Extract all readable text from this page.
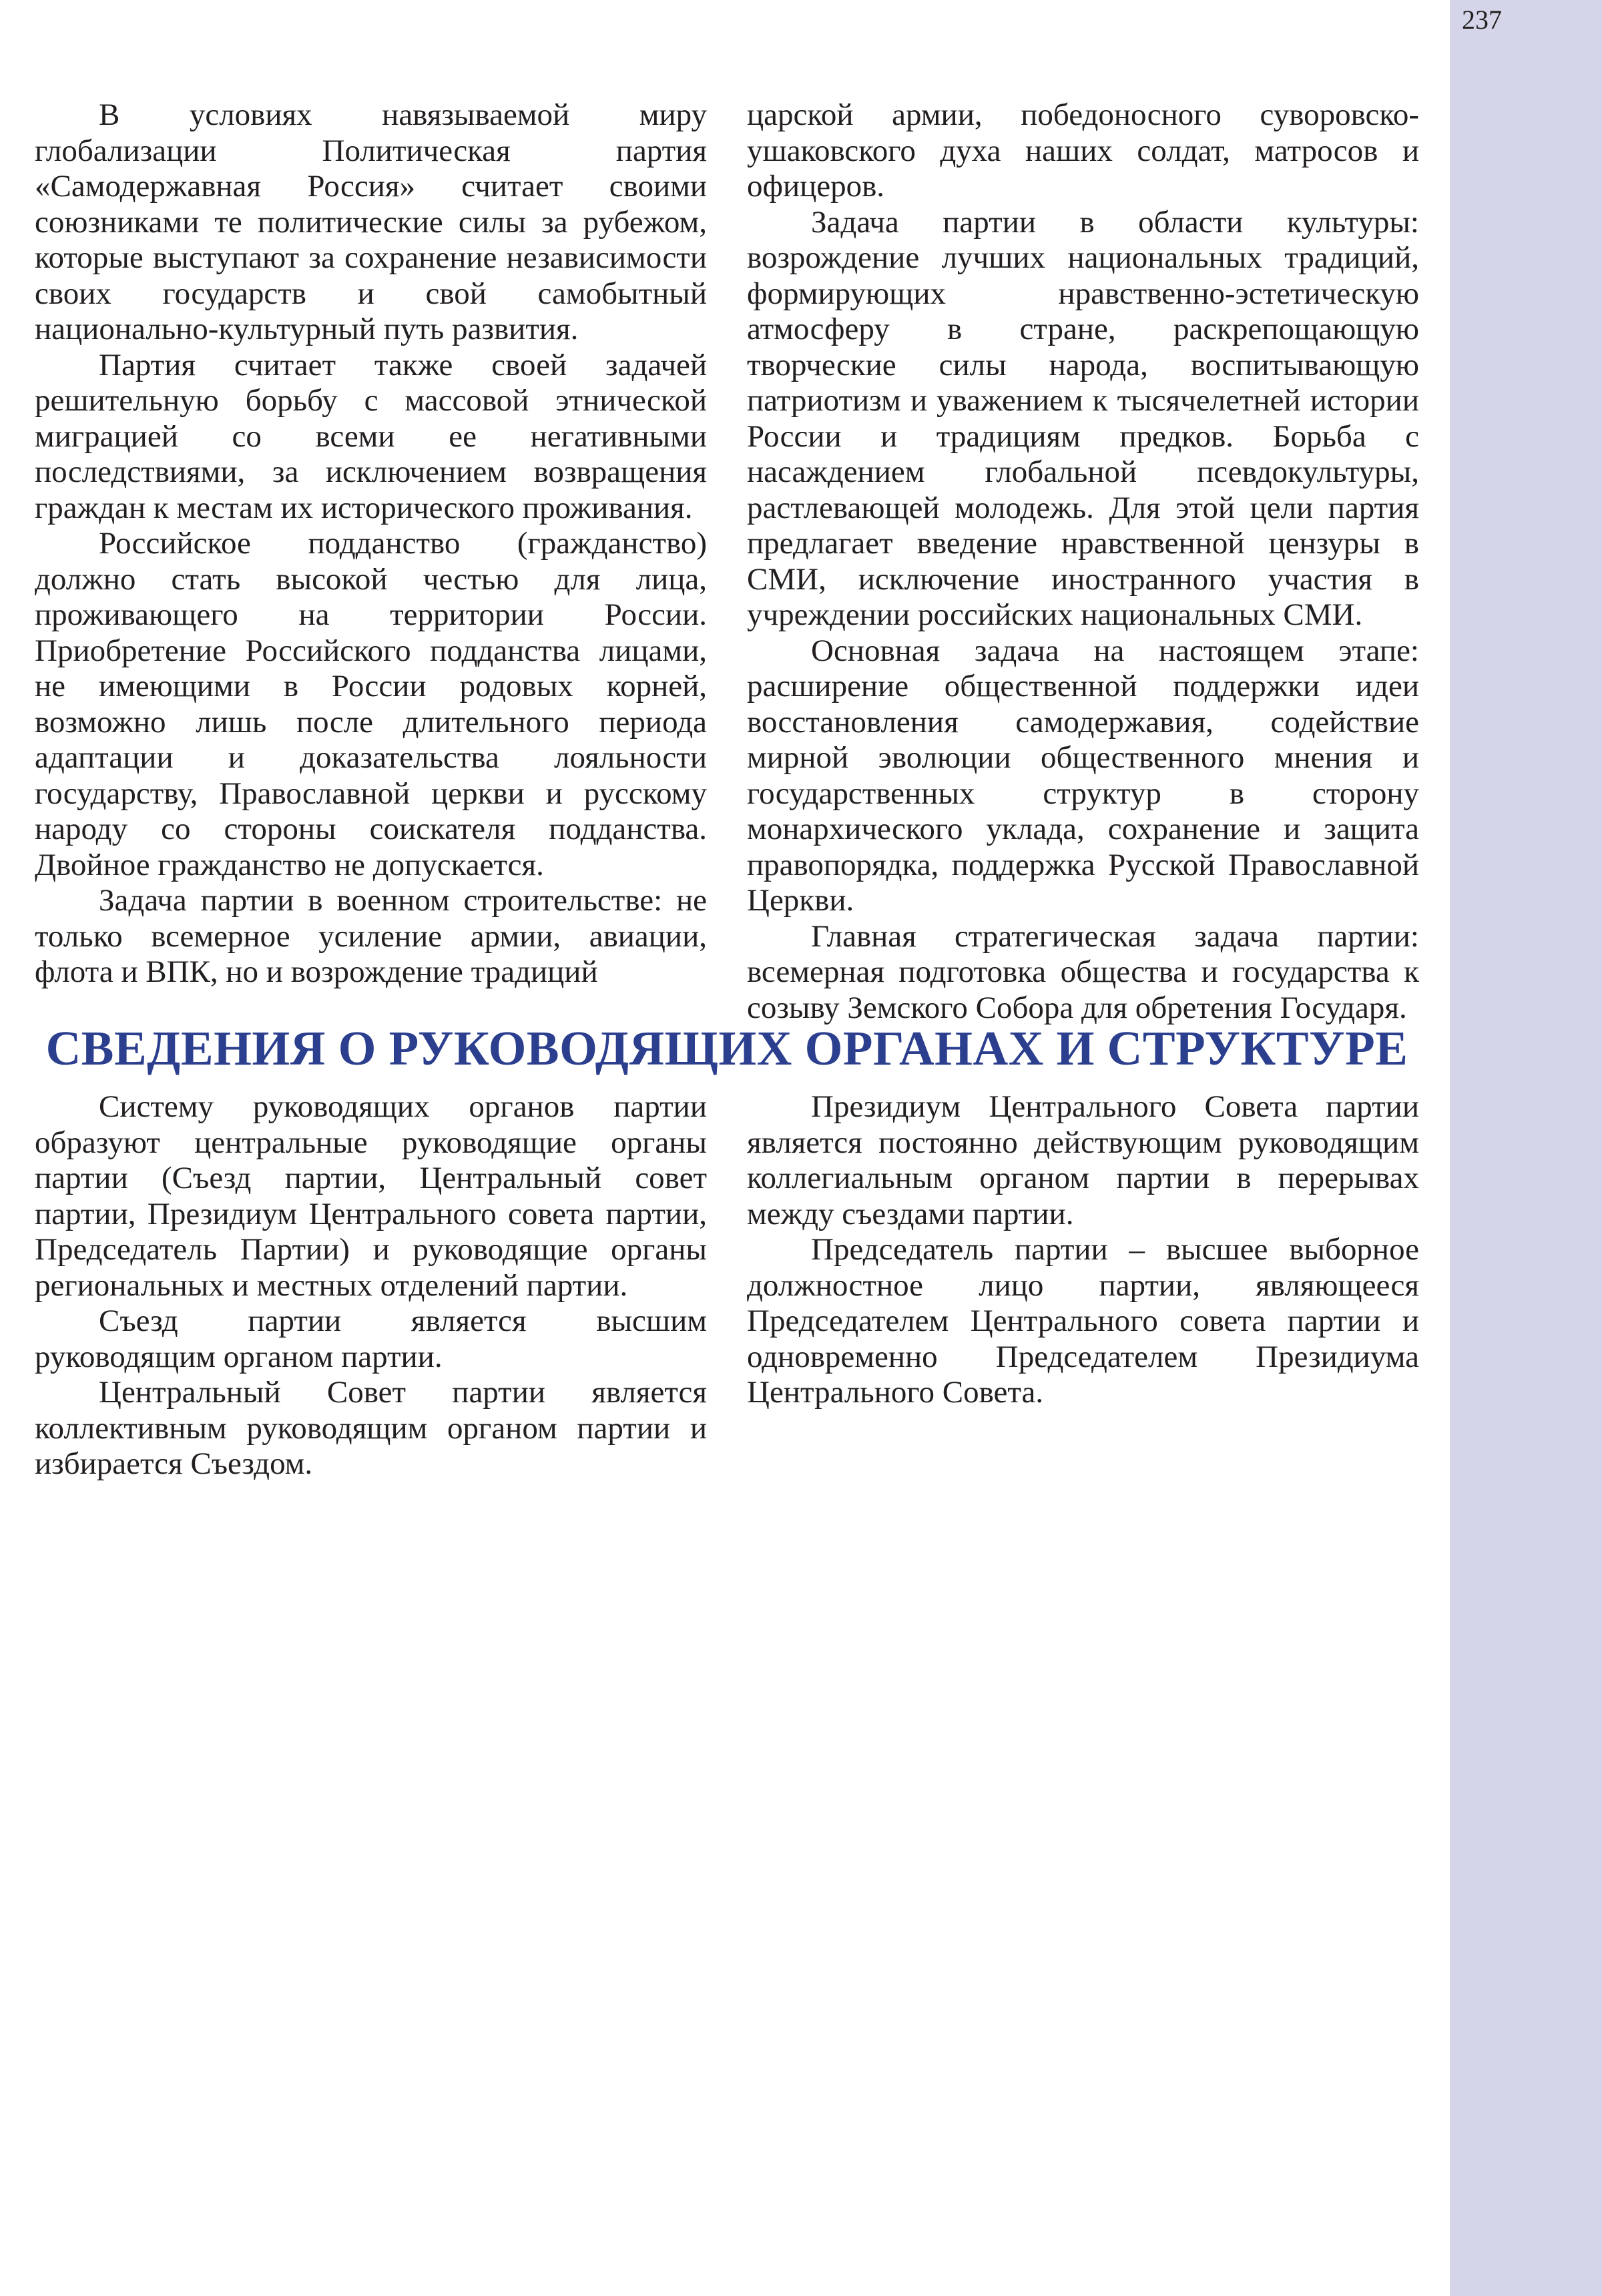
237

В условиях навязываемой миру глобализации Политическая партия «Самодержавная Россия» считает своими союзниками те политические силы за рубежом, которые выступают за сохранение независимости своих государств и свой самобытный национально-культурный путь развития.

Партия считает также своей задачей решительную борьбу с массовой этнической миграцией со всеми ее негативными последствиями, за исключением возвращения граждан к местам их исторического проживания.

Российское подданство (гражданство) должно стать высокой честью для лица, проживающего на территории России. Приобретение Российского подданства лицами, не имеющими в России родовых корней, возможно лишь после длительного периода адаптации и доказательства лояльности государству, Православной церкви и русскому народу со стороны соискателя подданства. Двойное гражданство не допускается.

Задача партии в военном строительстве: не только всемерное усиление армии, авиации, флота и ВПК, но и возрождение традиций

царской армии, победоносного суворовско-ушаковского духа наших солдат, матросов и офицеров.

Задача партии в области культуры: возрождение лучших национальных традиций, формирующих нравственно-эстетическую атмосферу в стране, раскрепощающую творческие силы народа, воспитывающую патриотизм и уважением к тысячелетней истории России и традициям предков. Борьба с насаждением глобальной псевдокультуры, растлевающей молодежь. Для этой цели партия предлагает введение нравственной цензуры в СМИ, исключение иностранного участия в учреждении российских национальных СМИ.

Основная задача на настоящем этапе: расширение общественной поддержки идеи восстановления самодержавия, содействие мирной эволюции общественного мнения и государственных структур в сторону монархического уклада, сохранение и защита правопорядка, поддержка Русской Православной Церкви.

Главная стратегическая задача партии: всемерная подготовка общества и государства к созыву Земского Собора для обретения Государя.

СВЕДЕНИЯ О РУКОВОДЯЩИХ ОРГАНАХ И СТРУКТУРЕ

Систему руководящих органов партии образуют центральные руководящие органы партии (Съезд партии, Центральный совет партии, Президиум Центрального совета партии, Председатель Партии) и руководящие органы региональных и местных отделений партии.

Съезд партии является высшим руководящим органом партии.

Центральный Совет партии является коллективным руководящим органом партии и избирается Съездом.

Президиум Центрального Совета партии является постоянно действующим руководящим коллегиальным органом партии в перерывах между съездами партии.

Председатель партии – высшее выборное должностное лицо партии, являющееся Председателем Центрального совета партии и одновременно Председателем Президиума Центрального Совета.
